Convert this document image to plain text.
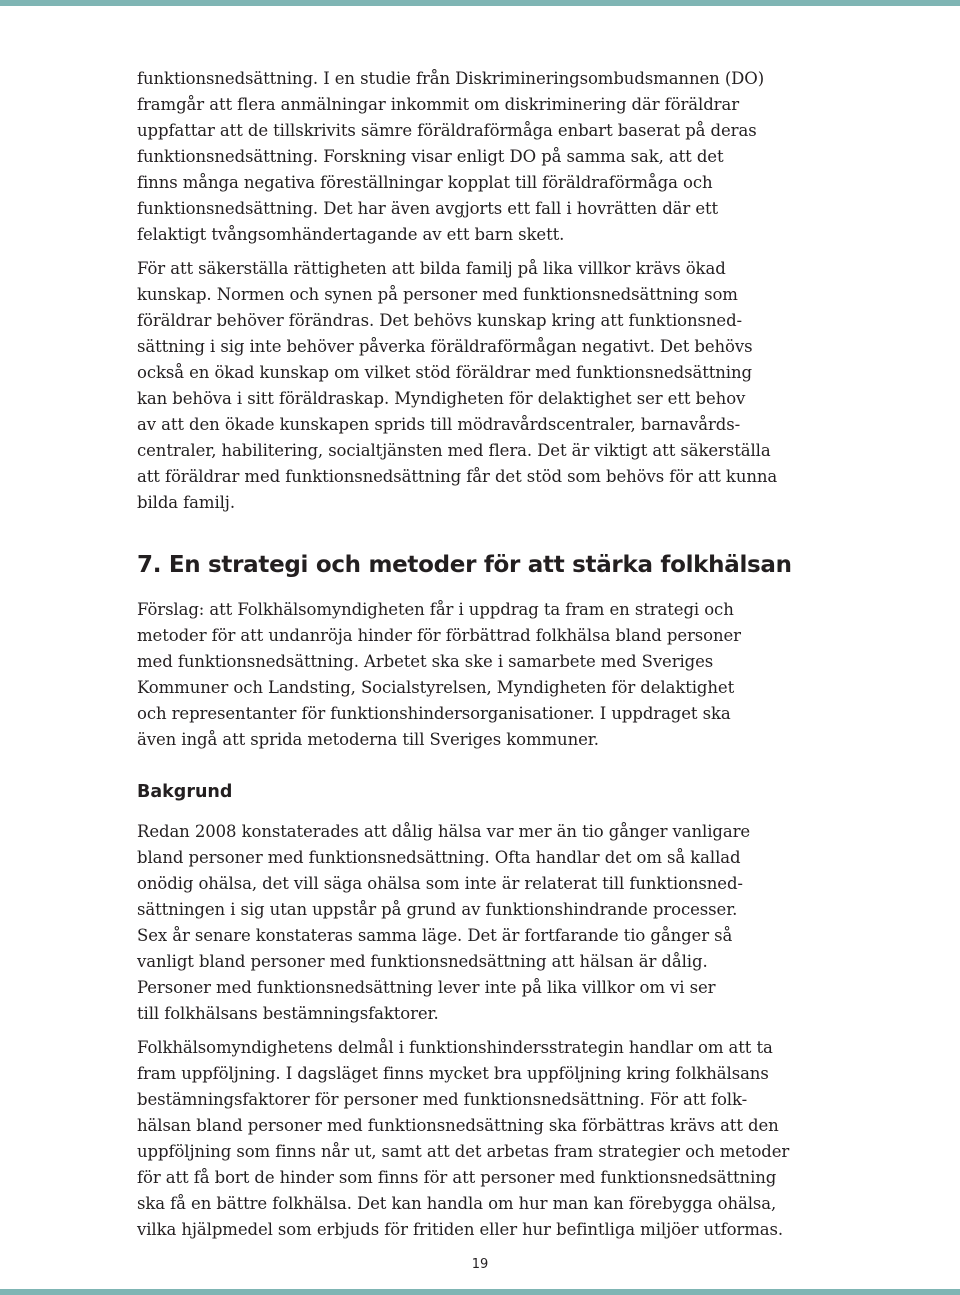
funktionsnedsättning. I en studie från Diskrimineringsombudsmannen (DO)
framgår att flera anmälningar inkommit om diskriminering där föräldrar
uppfattar att de tillskrivits sämre föräldraförmåga enbart baserat på deras
funktionsnedsättning. Forskning visar enligt DO på samma sak, att det
finns många negativa föreställningar kopplat till föräldraförmåga och
funktionsnedsättning. Det har även avgjorts ett fall i hovrätten där ett
felaktigt tvångsomhändertagande av ett barn skett.
För att säkerställa rättigheten att bilda familj på lika villkor krävs ökad
kunskap. Normen och synen på personer med funktionsnedsättning som
föräldrar behöver förändras. Det behövs kunskap kring att funktionsned-
sättning i sig inte behöver påverka föräldraförmågan negativt. Det behövs
också en ökad kunskap om vilket stöd föräldrar med funktionsnedsättning
kan behöva i sitt föräldraskap. Myndigheten för delaktighet ser ett behov
av att den ökade kunskapen sprids till mödravårdscentraler, barnavårds-
centraler, habilitering, socialtjänsten med flera. Det är viktigt att säkerställa
att föräldrar med funktionsnedsättning får det stöd som behövs för att kunna
bilda familj.
7. En strategi och metoder för att stärka folkhälsan
Förslag: att Folkhälsomyndigheten får i uppdrag ta fram en strategi och
metoder för att undanröja hinder för förbättrad folkhälsa bland personer
med funktionsnedsättning. Arbetet ska ske i samarbete med Sveriges
Kommuner och Landsting, Socialstyrelsen, Myndigheten för delaktighet
och representanter för funktionshindersorganisationer. I uppdraget ska
även ingå att sprida metoderna till Sveriges kommuner.
Bakgrund
Redan 2008 konstaterades att dålig hälsa var mer än tio gånger vanligare
bland personer med funktionsnedsättning. Ofta handlar det om så kallad
onödig ohälsa, det vill säga ohälsa som inte är relaterat till funktionsned-
sättningen i sig utan uppstår på grund av funktionshindrande processer.
Sex år senare konstateras samma läge. Det är fortfarande tio gånger så
vanligt bland personer med funktionsnedsättning att hälsan är dålig.
Personer med funktionsnedsättning lever inte på lika villkor om vi ser
till folkhälsans bestämningsfaktorer.
Folkhälsomyndighetens delmål i funktionshindersstrategin handlar om att ta
fram uppföljning. I dagsläget finns mycket bra uppföljning kring folkhälsans
bestämningsfaktorer för personer med funktionsnedsättning. För att folk-
hälsan bland personer med funktionsnedsättning ska förbättras krävs att den
uppföljning som finns når ut, samt att det arbetas fram strategier och metoder
för att få bort de hinder som finns för att personer med funktionsnedsättning
ska få en bättre folkhälsa. Det kan handla om hur man kan förebygga ohälsa,
vilka hjälpmedel som erbjuds för fritiden eller hur befintliga miljöer utformas.
19
